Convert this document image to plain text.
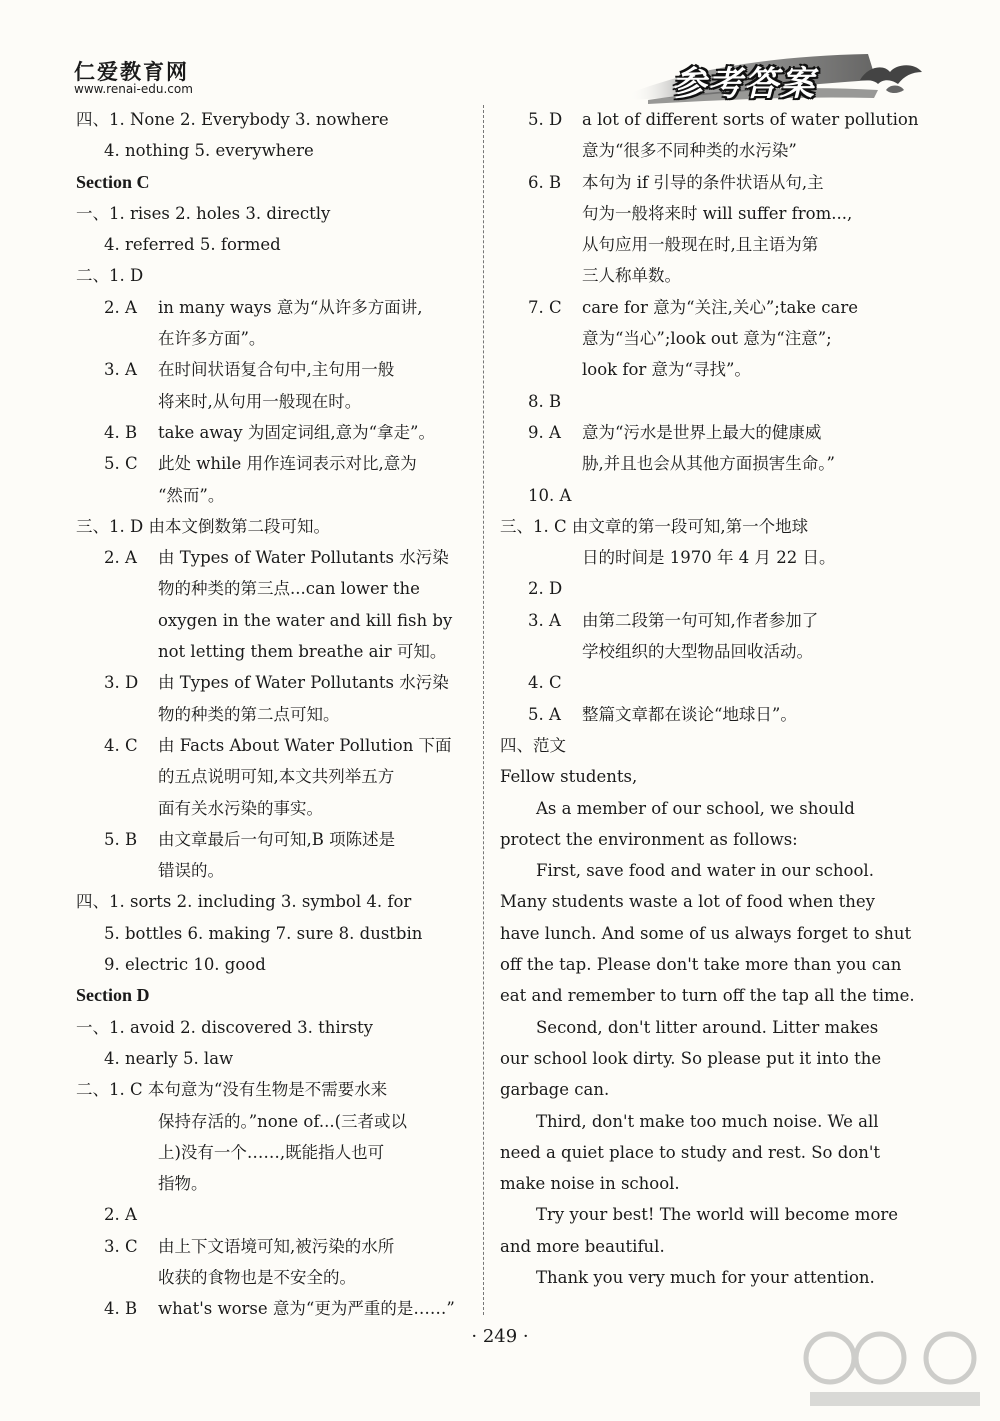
仁爱教育网
www.renai-edu.com	参考答案
四、1. None 2. Everybody 3. nowhere
4. nothing 5. everywhere
Section C
一、1. rises 2. holes 3. directly
4. referred 5. formed
二、1. D
2. A in many ways 意为“从许多方面讲,
在许多方面”。
3. A 在时间状语复合句中,主句用一般
将来时,从句用一般现在时。
4. B take away 为固定词组,意为“拿走”。
5. C 此处 while 用作连词表示对比,意为
“然而”。
三、1. D 由本文倒数第二段可知。
2. A 由 Types of Water Pollutants 水污染
物的种类的第三点...can lower the
oxygen in the water and kill fish by
not letting them breathe air 可知。
3. D 由 Types of Water Pollutants 水污染
物的种类的第二点可知。
4. C 由 Facts About Water Pollution 下面
的五点说明可知,本文共列举五方
面有关水污染的事实。
5. B 由文章最后一句可知,B 项陈述是
错误的。
四、1. sorts 2. including 3. symbol 4. for
5. bottles 6. making 7. sure 8. dustbin
9. electric 10. good
Section D
一、1. avoid 2. discovered 3. thirsty
4. nearly 5. law
二、1. C 本句意为“没有生物是不需要水来
保持存活的。”none of...(三者或以
上)没有一个……,既能指人也可
指物。
2. A
3. C 由上下文语境可知,被污染的水所
收获的食物也是不安全的。
4. B what's worse 意为“更为严重的是……”
5. D a lot of different sorts of water pollution
意为“很多不同种类的水污染”
6. B 本句为 if 引导的条件状语从句,主
句为一般将来时 will suffer from...,
从句应用一般现在时,且主语为第
三人称单数。
7. C care for 意为“关注,关心”;take care
意为“当心”;look out 意为“注意”;
look for 意为“寻找”。
8. B
9. A 意为“污水是世界上最大的健康威
胁,并且也会从其他方面损害生命。”
10. A
三、1. C 由文章的第一段可知,第一个地球
日的时间是 1970 年 4 月 22 日。
2. D
3. A 由第二段第一句可知,作者参加了
学校组织的大型物品回收活动。
4. C
5. A 整篇文章都在谈论“地球日”。
四、范文
Fellow students,
As a member of our school, we should
protect the environment as follows:
First, save food and water in our school.
Many students waste a lot of food when they
have lunch. And some of us always forget to shut
off the tap. Please don't take more than you can
eat and remember to turn off the tap all the time.
Second, don't litter around. Litter makes
our school look dirty. So please put it into the
garbage can.
Third, don't make too much noise. We all
need a quiet place to study and rest. So don't
make noise in school.
Try your best! The world will become more
and more beautiful.
Thank you very much for your attention.
· 249 ·
